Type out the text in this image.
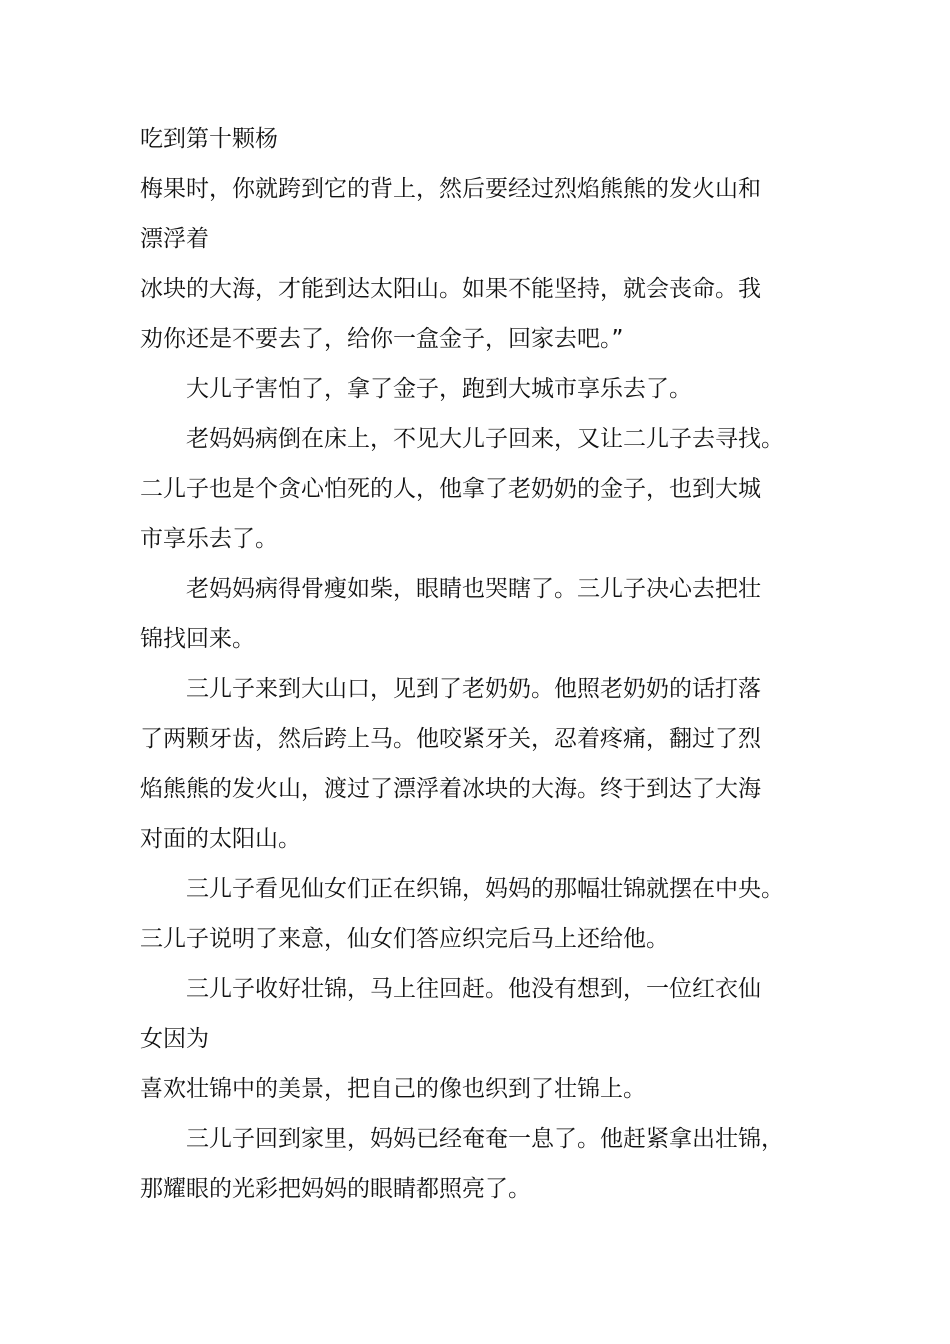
吃到第十颗杨
梅果时，你就跨到它的背上，然后要经过烈焰熊熊的发火山和
漂浮着
冰块的大海，才能到达太阳山。如果不能坚持，就会丧命。我
劝你还是不要去了，给你一盒金子，回家去吧。”
大儿子害怕了，拿了金子，跑到大城市享乐去了。
老妈妈病倒在床上，不见大儿子回来，又让二儿子去寻找。
二儿子也是个贪心怕死的人，他拿了老奶奶的金子，也到大城
市享乐去了。
老妈妈病得骨瘦如柴，眼睛也哭瞎了。三儿子决心去把壮
锦找回来。
三儿子来到大山口，见到了老奶奶。他照老奶奶的话打落
了两颗牙齿，然后跨上马。他咬紧牙关，忍着疼痛，翻过了烈
焰熊熊的发火山，渡过了漂浮着冰块的大海。终于到达了大海
对面的太阳山。
三儿子看见仙女们正在织锦，妈妈的那幅壮锦就摆在中央。
三儿子说明了来意，仙女们答应织完后马上还给他。
三儿子收好壮锦，马上往回赶。他没有想到，一位红衣仙
女因为
喜欢壮锦中的美景，把自己的像也织到了壮锦上。
三儿子回到家里，妈妈已经奄奄一息了。他赶紧拿出壮锦，
那耀眼的光彩把妈妈的眼睛都照亮了。
